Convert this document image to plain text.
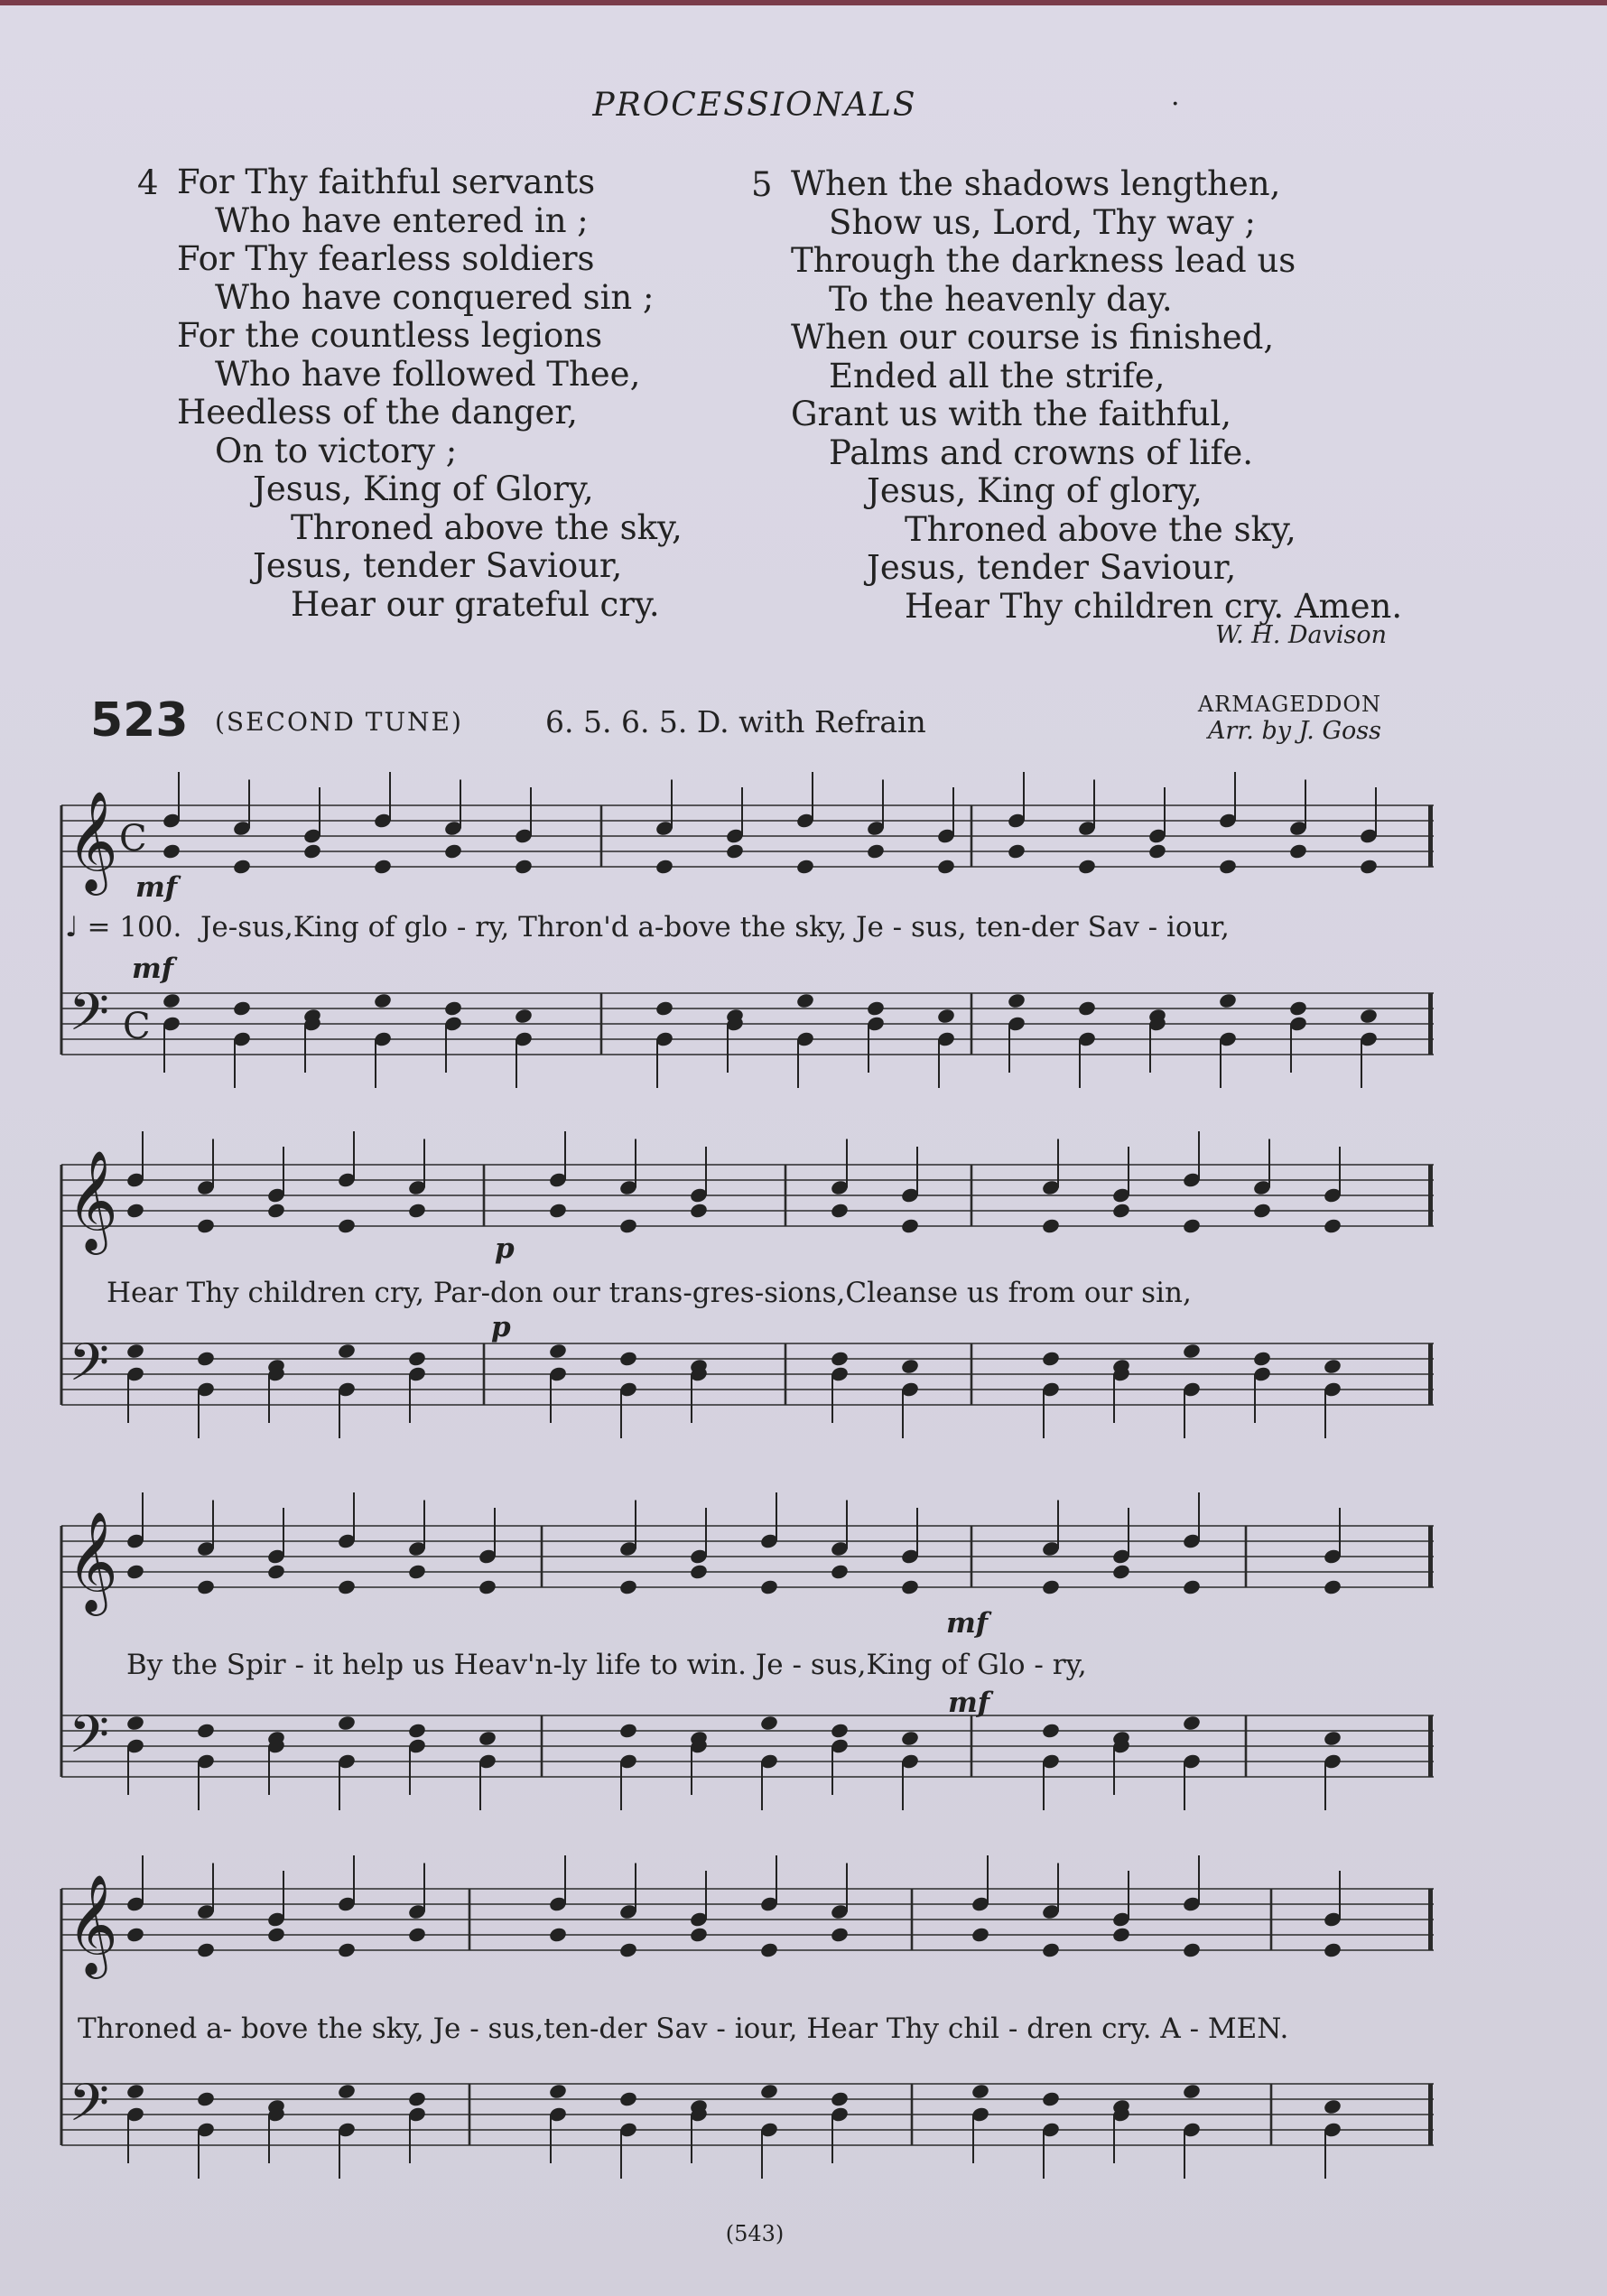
PROCESSIONALS	·
4 For Thy faithful servants
Who have entered in ;
For Thy fearless soldiers
Who have conquered sin ;
For the countless legions
Who have followed Thee,
Heedless of the danger,
On to victory ;
Jesus, King of Glory,
Throned above the sky,
Jesus, tender Saviour,
Hear our grateful cry.
5 When the shadows lengthen,
Show us, Lord, Thy way ;
Through the darkness lead us
To the heavenly day.
When our course is finished,
Ended all the strife,
Grant us with the faithful,
Palms and crowns of life.
Jesus, King of glory,
Throned above the sky,
Jesus, tender Saviour,
Hear Thy children cry. Amen.
W. H. Davison
523 (SECOND TUNE)	6. 5. 6. 5. D. with Refrain	ARMAGEDDON
Arr. by J. Goss
𝄞
𝄢
C
C
𝄞
𝄢
𝄞
𝄢
𝄞
𝄢
mf
mf
p
p
mf
mf
♩ = 100. Je-sus,King of glo - ry, Thron'd a-bove the sky, Je - sus, ten-der Sav - iour,
Hear Thy children cry, Par-don our trans-gres-sions,Cleanse us from our sin,
By the Spir - it help us Heav'n-ly life to win. Je - sus,King of Glo - ry,
Throned a- bove the sky, Je - sus,ten-der Sav - iour, Hear Thy chil - dren cry. A - MEN.
(543)
